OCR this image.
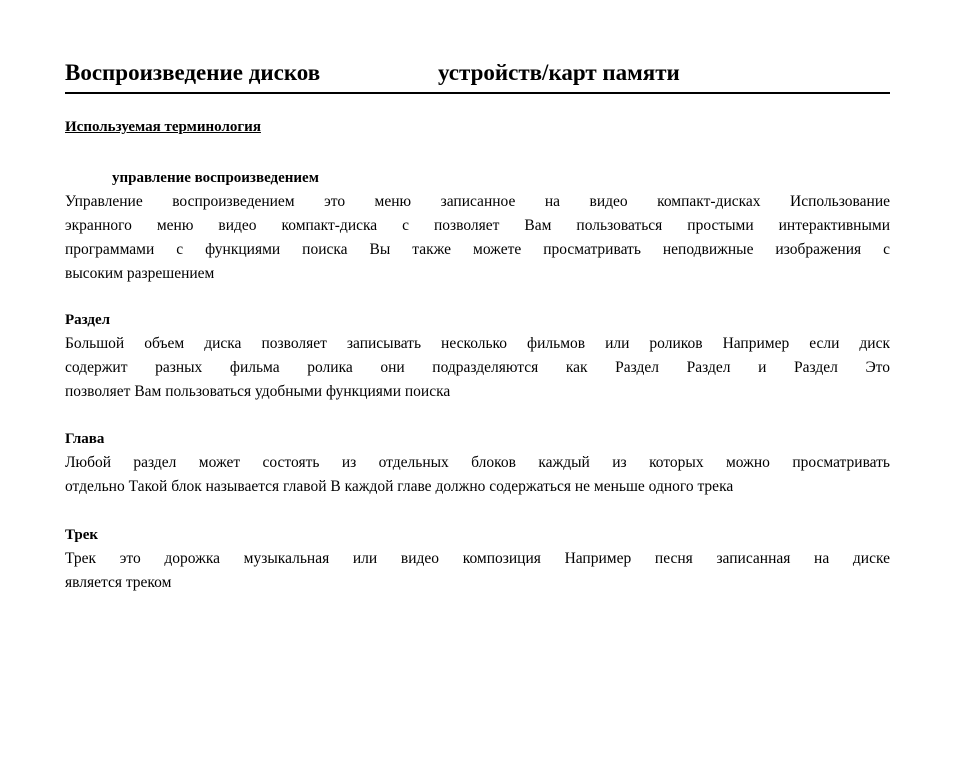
Воспроизведение дисков	устройств/карт памяти
Используемая терминология
управление воспроизведением
Управление воспроизведением это меню записанное на видео компакт-дисках Использование
экранного меню видео компакт-диска с позволяет Вам пользоваться простыми интерактивными
программами с функциями поиска Вы также можете просматривать неподвижные изображения с
высоким разрешением
Раздел
Большой объем диска позволяет записывать несколько фильмов или роликов Например если диск
содержит разных фильма ролика они подразделяются как Раздел Раздел и Раздел Это
позволяет Вам пользоваться удобными функциями поиска
Глава
Любой раздел может состоять из отдельных блоков каждый из которых можно просматривать
отдельно Такой блок называется главой В каждой главе должно содержаться не меньше одного трека
Трек
Трек это дорожка музыкальная или видео композиция Например песня записанная на диске
является треком
